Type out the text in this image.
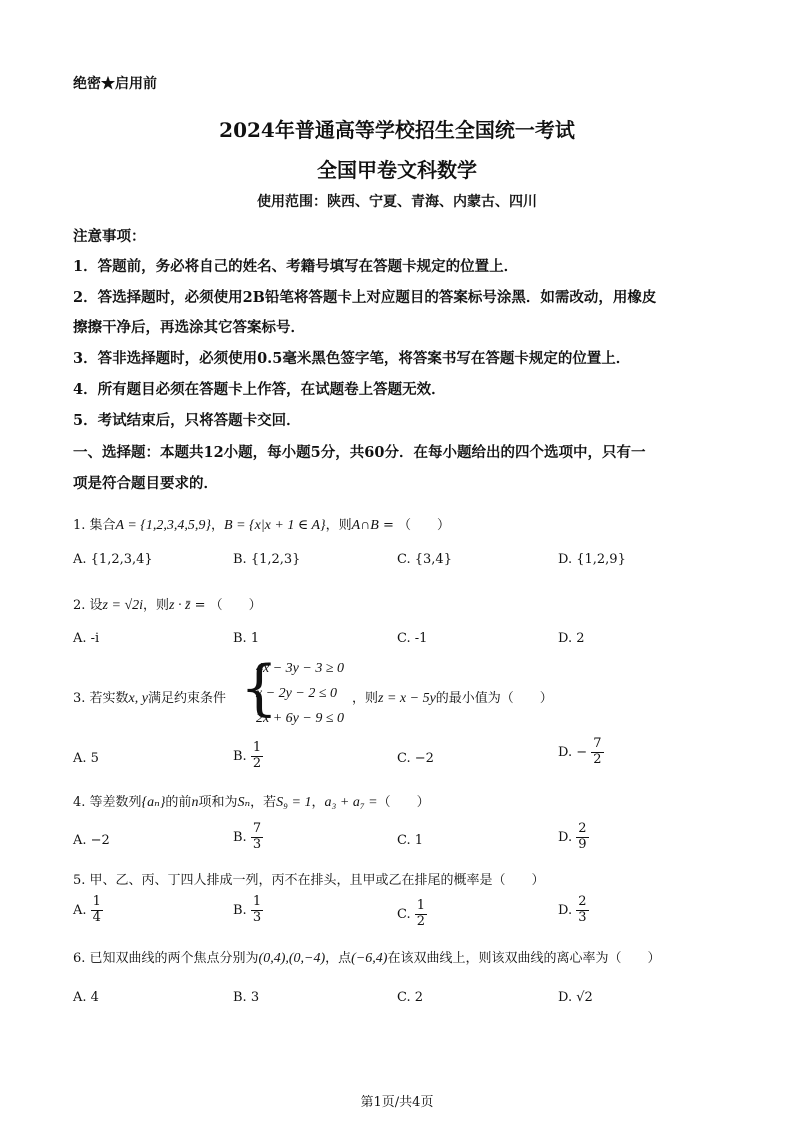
绝密★启用前
2024年普通高等学校招生全国统一考试
全国甲卷文科数学
使用范围：陕西、宁夏、青海、内蒙古、四川
注意事项：
1．答题前，务必将自己的姓名、考籍号填写在答题卡规定的位置上．
2．答选择题时，必须使用2B铅笔将答题卡上对应题目的答案标号涂黑．如需改动，用橡皮
擦擦干净后，再选涂其它答案标号．
3．答非选择题时，必须使用0.5毫米黑色签字笔，将答案书写在答题卡规定的位置上．
4．所有题目必须在答题卡上作答，在试题卷上答题无效．
5．考试结束后，只将答题卡交回．
一、选择题：本题共12小题，每小题5分，共60分．在每小题给出的四个选项中，只有一
项是符合题目要求的．
1. 集合A = {1,2,3,4,5,9}，B = {x|x + 1 ∈ A}，则A∩B = （　　）
A. {1,2,3,4}	B. {1,2,3}	C. {3,4}	D. {1,2,9}
2. 设z = √2i，则z · z̄ = （　　）
A. -i	B. 1	C. -1	D. 2
3. 若实数x, y满足约束条件 {
4x − 3y − 3 ≥ 0
x − 2y − 2 ≤ 0
2x + 6y − 9 ≤ 0
，则z = x − 5y的最小值为（　　）
A. 5	B. $\frac{1}{2}$	C. −2	D. − $\frac{7}{2}$
4. 等差数列{aₙ}的前n项和为Sₙ，若S₉ = 1，a₃ + a₇ =（　　）
A. −2	B. $\frac{7}{3}$	C. 1	D. $\frac{2}{9}$
5. 甲、乙、丙、丁四人排成一列，丙不在排头，且甲或乙在排尾的概率是（　　）
A. $\frac{1}{4}$	B. $\frac{1}{3}$	C. $\frac{1}{2}$	D. $\frac{2}{3}$
6. 已知双曲线的两个焦点分别为(0,4),(0,−4)，点(−6,4)在该双曲线上，则该双曲线的离心率为（　　）
A. 4	B. 3	C. 2	D. √2
第1页/共4页
